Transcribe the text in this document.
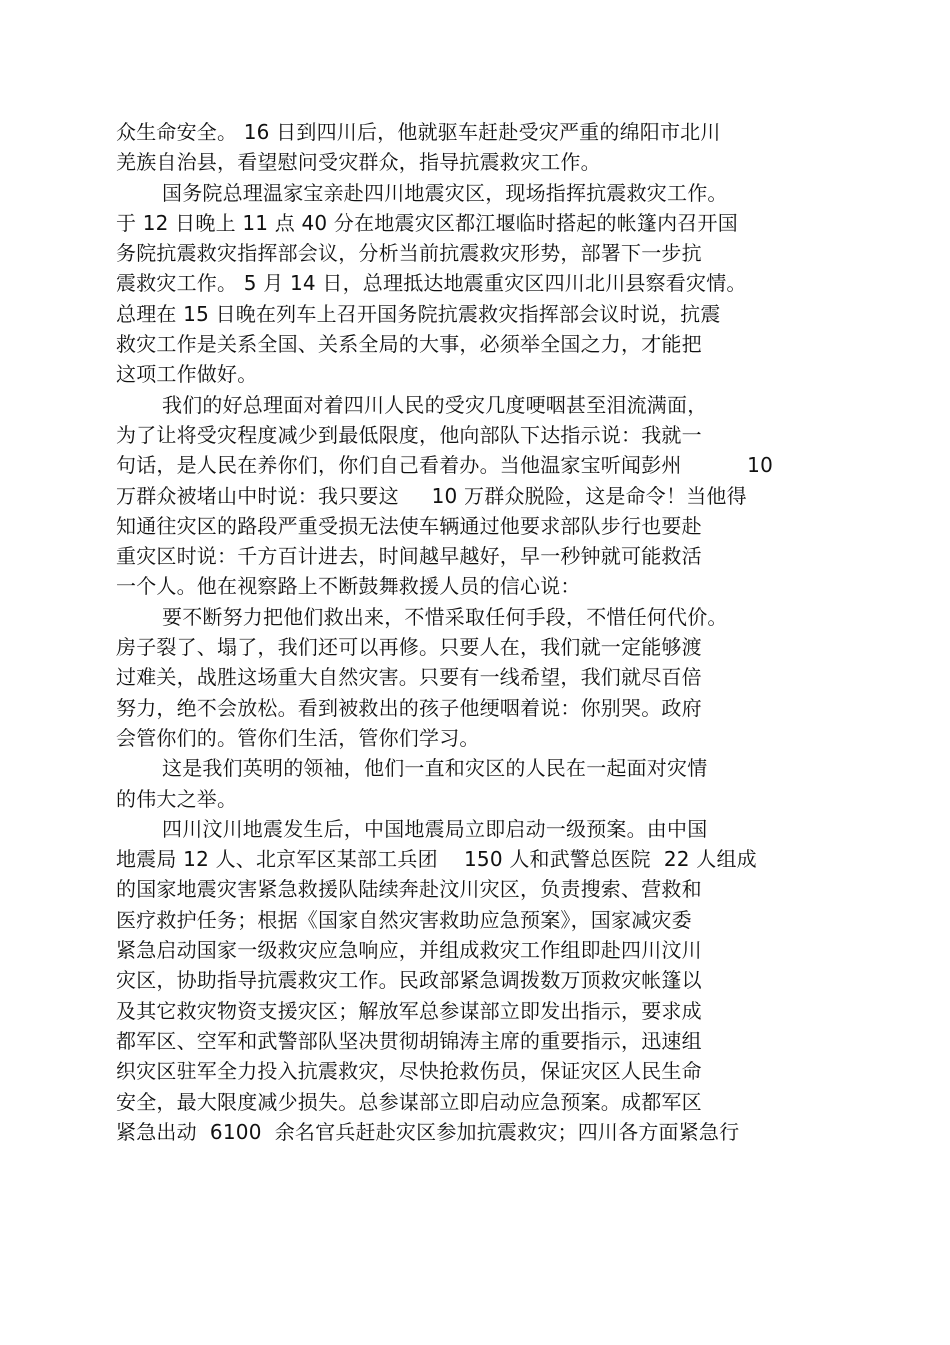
众生命安全。 16 日到四川后，他就驱车赶赴受灾严重的绵阳市北川
羌族自治县，看望慰问受灾群众，指导抗震救灾工作。
国务院总理温家宝亲赴四川地震灾区，现场指挥抗震救灾工作。
于 12 日晚上 11 点 40 分在地震灾区都江堰临时搭起的帐篷内召开国
务院抗震救灾指挥部会议，分析当前抗震救灾形势，部署下一步抗
震救灾工作。 5 月 14 日，总理抵达地震重灾区四川北川县察看灾情。
总理在 15 日晚在列车上召开国务院抗震救灾指挥部会议时说，抗震
救灾工作是关系全国、关系全局的大事，必须举全国之力，才能把
这项工作做好。
我们的好总理面对着四川人民的受灾几度哽咽甚至泪流满面，
为了让将受灾程度减少到最低限度，他向部队下达指示说：我就一
句话，是人民在养你们，你们自己看着办。当他温家宝听闻彭州          10
万群众被堵山中时说：我只要这     10 万群众脱险，这是命令！当他得
知通往灾区的路段严重受损无法使车辆通过他要求部队步行也要赴
重灾区时说：千方百计进去，时间越早越好，早一秒钟就可能救活
一个人。他在视察路上不断鼓舞救援人员的信心说：
要不断努力把他们救出来，不惜采取任何手段，不惜任何代价。
房子裂了、塌了，我们还可以再修。只要人在，我们就一定能够渡
过难关，战胜这场重大自然灾害。只要有一线希望，我们就尽百倍
努力，绝不会放松。看到被救出的孩子他绠咽着说：你别哭。政府
会管你们的。管你们生活，管你们学习。
这是我们英明的领袖，他们一直和灾区的人民在一起面对灾情
的伟大之举。
四川汶川地震发生后，中国地震局立即启动一级预案。由中国
地震局 12 人、北京军区某部工兵团    150 人和武警总医院  22 人组成
的国家地震灾害紧急救援队陆续奔赴汶川灾区，负责搜索、营救和
医疗救护任务；根据《国家自然灾害救助应急预案》，国家减灾委
紧急启动国家一级救灾应急响应，并组成救灾工作组即赴四川汶川
灾区，协助指导抗震救灾工作。民政部紧急调拨数万顶救灾帐篷以
及其它救灾物资支援灾区；解放军总参谋部立即发出指示，要求成
都军区、空军和武警部队坚决贯彻胡锦涛主席的重要指示，迅速组
织灾区驻军全力投入抗震救灾，尽快抢救伤员，保证灾区人民生命
安全，最大限度减少损失。总参谋部立即启动应急预案。成都军区
紧急出动  6100  余名官兵赶赴灾区参加抗震救灾；四川各方面紧急行
